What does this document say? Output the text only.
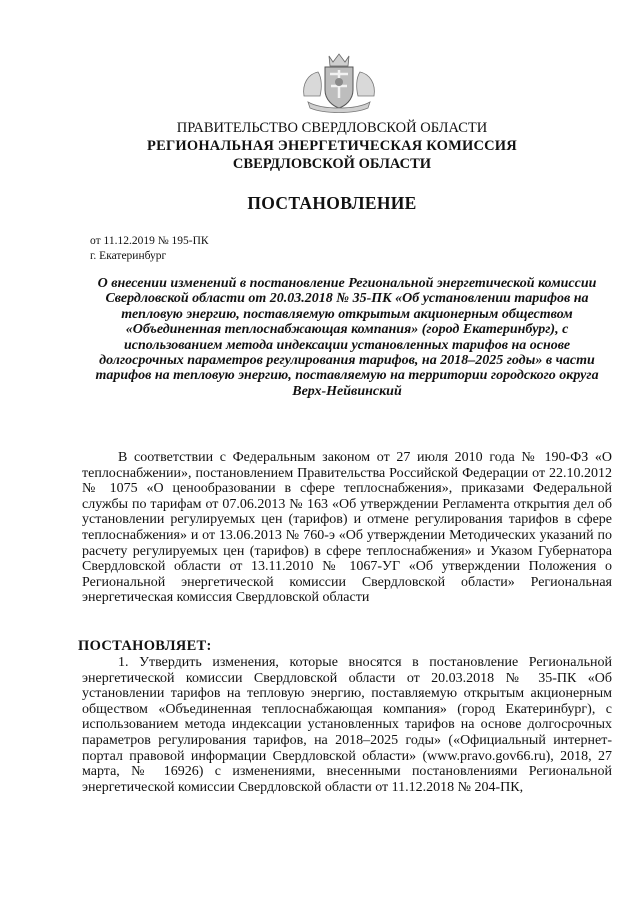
ПРАВИТЕЛЬСТВО СВЕРДЛОВСКОЙ ОБЛАСТИ
РЕГИОНАЛЬНАЯ ЭНЕРГЕТИЧЕСКАЯ КОМИССИЯ
СВЕРДЛОВСКОЙ ОБЛАСТИ
ПОСТАНОВЛЕНИЕ
от 11.12.2019 № 195-ПК
г. Екатеринбург
О внесении изменений в постановление Региональной энергетической комиссии Свердловской области от 20.03.2018 № 35-ПК «Об установлении тарифов на тепловую энергию, поставляемую открытым акционерным обществом «Объединенная теплоснабжающая компания» (город Екатеринбург), с использованием метода индексации установленных тарифов на основе долгосрочных параметров регулирования тарифов, на 2018–2025 годы» в части тарифов на тепловую энергию, поставляемую на территории городского округа Верх-Нейвинский
В соответствии с Федеральным законом от 27 июля 2010 года № 190-ФЗ «О теплоснабжении», постановлением Правительства Российской Федерации от 22.10.2012 № 1075 «О ценообразовании в сфере теплоснабжения», приказами Федеральной службы по тарифам от 07.06.2013 № 163 «Об утверждении Регламента открытия дел об установлении регулируемых цен (тарифов) и отмене регулирования тарифов в сфере теплоснабжения» и от 13.06.2013 № 760-э «Об утверждении Методических указаний по расчету регулируемых цен (тарифов) в сфере теплоснабжения» и Указом Губернатора Свердловской области от 13.11.2010 № 1067-УГ «Об утверждении Положения о Региональной энергетической комиссии Свердловской области» Региональная энергетическая комиссия Свердловской области
ПОСТАНОВЛЯЕТ:
1. Утвердить изменения, которые вносятся в постановление Региональной энергетической комиссии Свердловской области от 20.03.2018 № 35-ПК «Об установлении тарифов на тепловую энергию, поставляемую открытым акционерным обществом «Объединенная теплоснабжающая компания» (город Екатеринбург), с использованием метода индексации установленных тарифов на основе долгосрочных параметров регулирования тарифов, на 2018–2025 годы» («Официальный интернет-портал правовой информации Свердловской области» (www.pravo.gov66.ru), 2018, 27 марта, № 16926) с изменениями, внесенными постановлениями Региональной энергетической комиссии Свердловской области от 11.12.2018 № 204-ПК,
